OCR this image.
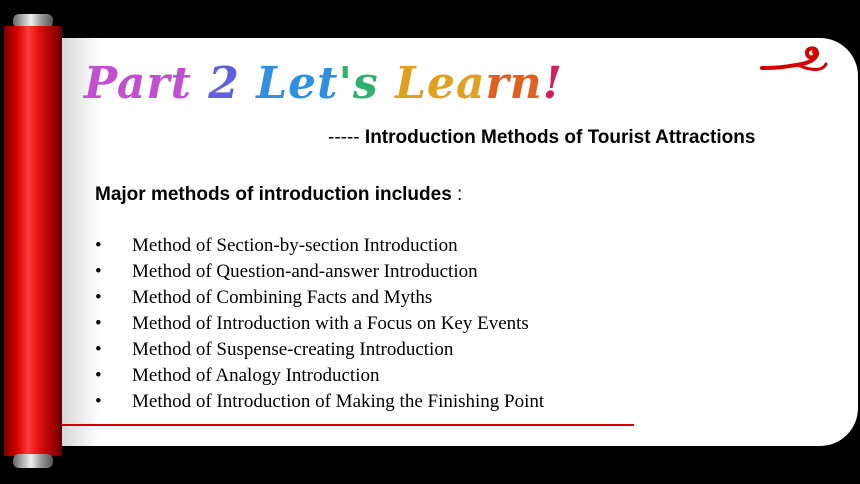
Part 2 Let's Learn!
----- Introduction Methods of Tourist Attractions
Major methods of introduction includes :
• Method of Section-by-section Introduction
• Method of Question-and-answer Introduction
• Method of Combining Facts and Myths
• Method of Introduction with a Focus on Key Events
• Method of Suspense-creating Introduction
• Method of Analogy Introduction
• Method of Introduction of Making the Finishing Point
